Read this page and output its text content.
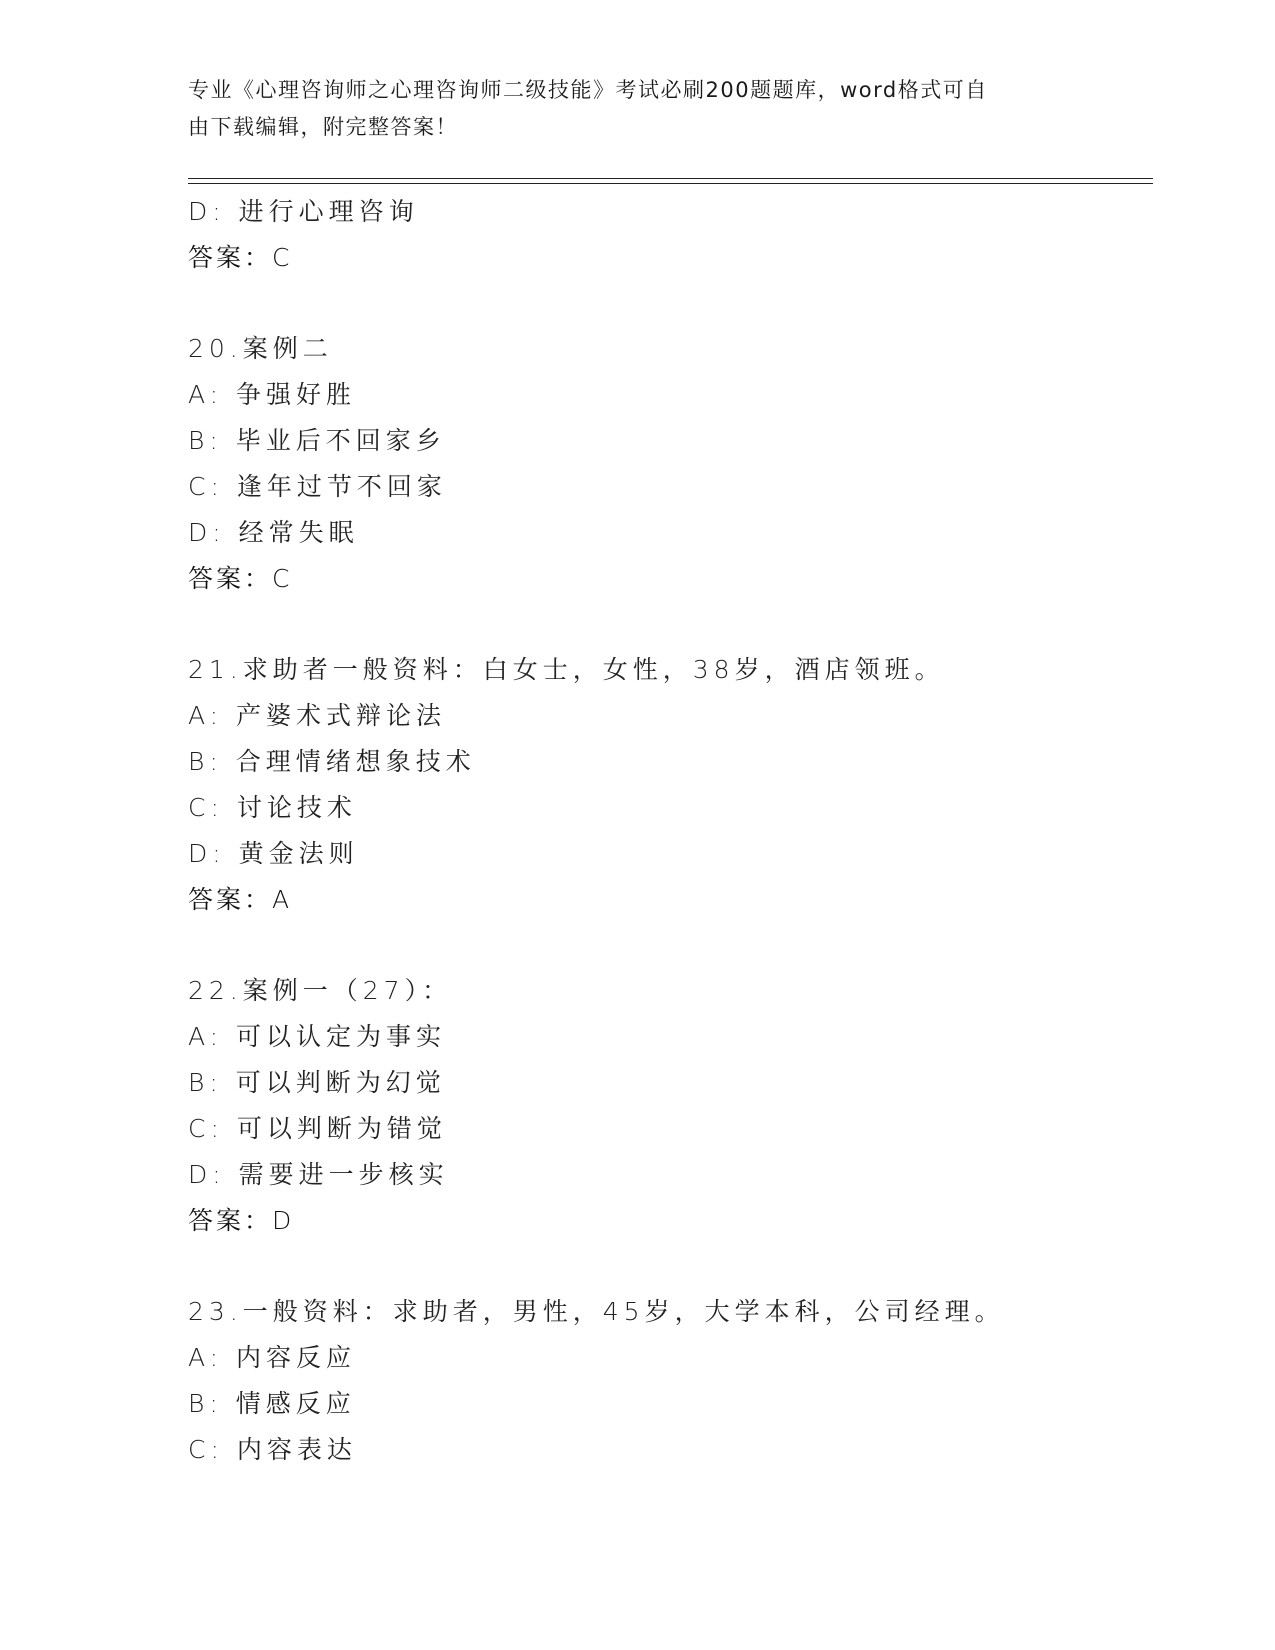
专业《心理咨询师之心理咨询师二级技能》考试必刷200题题库，word格式可自
由下载编辑，附完整答案！
D: 进行心理咨询
答案：C
20.案例二
A: 争强好胜
B: 毕业后不回家乡
C: 逢年过节不回家
D: 经常失眠
答案：C
21.求助者一般资料：白女士，女性，38岁，酒店领班。
A: 产婆术式辩论法
B: 合理情绪想象技术
C: 讨论技术
D: 黄金法则
答案：A
22.案例一（27）：
A: 可以认定为事实
B: 可以判断为幻觉
C: 可以判断为错觉
D: 需要进一步核实
答案：D
23.一般资料：求助者，男性，45岁，大学本科，公司经理。
A: 内容反应
B: 情感反应
C: 内容表达
